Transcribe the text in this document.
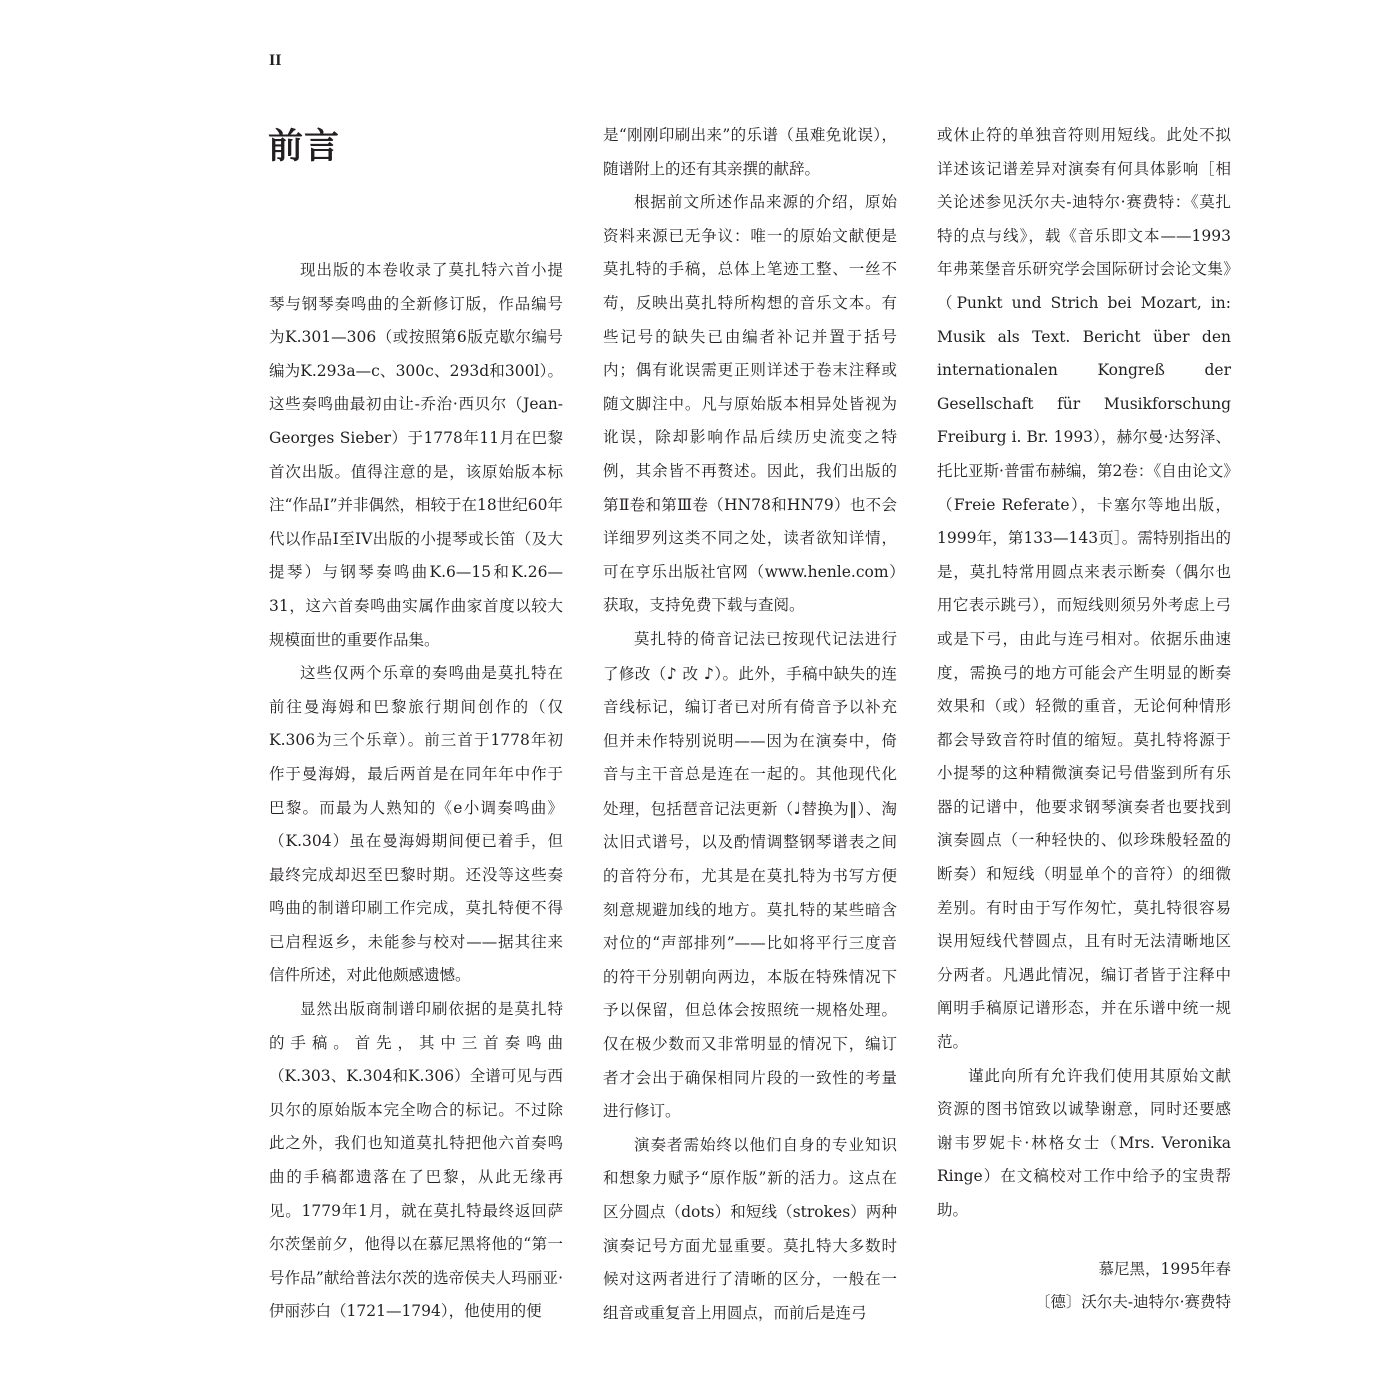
II
前言

现出版的本卷收录了莫扎特六首小提琴与钢琴奏鸣曲的全新修订版，作品编号为K.301—306（或按照第6版克歇尔编号编为K.293a—c、300c、293d和300l）。这些奏鸣曲最初由让-乔治·西贝尔（Jean-Georges Sieber）于1778年11月在巴黎首次出版。值得注意的是，该原始版本标注“作品I”并非偶然，相较于在18世纪60年代以作品I至IV出版的小提琴或长笛（及大提琴）与钢琴奏鸣曲K.6—15和K.26—31，这六首奏鸣曲实属作曲家首度以较大规模面世的重要作品集。

这些仅两个乐章的奏鸣曲是莫扎特在前往曼海姆和巴黎旅行期间创作的（仅K.306为三个乐章）。前三首于1778年初作于曼海姆，最后两首是在同年年中作于巴黎。而最为人熟知的《e小调奏鸣曲》（K.304）虽在曼海姆期间便已着手，但最终完成却迟至巴黎时期。还没等这些奏鸣曲的制谱印刷工作完成，莫扎特便不得已启程返乡，未能参与校对——据其往来信件所述，对此他颇感遗憾。

显然出版商制谱印刷依据的是莫扎特的手稿。首先，其中三首奏鸣曲（K.303、K.304和K.306）全谱可见与西贝尔的原始版本完全吻合的标记。不过除此之外，我们也知道莫扎特把他六首奏鸣曲的手稿都遗落在了巴黎，从此无缘再见。1779年1月，就在莫扎特最终返回萨尔茨堡前夕，他得以在慕尼黑将他的“第一号作品”献给普法尔茨的选帝侯夫人玛丽亚·伊丽莎白（1721—1794），他使用的便

是“刚刚印刷出来”的乐谱（虽难免讹误），随谱附上的还有其亲撰的献辞。

根据前文所述作品来源的介绍，原始资料来源已无争议：唯一的原始文献便是莫扎特的手稿，总体上笔迹工整、一丝不苟，反映出莫扎特所构想的音乐文本。有些记号的缺失已由编者补记并置于括号内；偶有讹误需更正则详述于卷末注释或随文脚注中。凡与原始版本相异处皆视为讹误，除却影响作品后续历史流变之特例，其余皆不再赘述。因此，我们出版的第Ⅱ卷和第Ⅲ卷（HN78和HN79）也不会详细罗列这类不同之处，读者欲知详情，可在亨乐出版社官网（www.henle.com）获取，支持免费下载与查阅。

莫扎特的倚音记法已按现代记法进行了修改（♪ 改 ♪）。此外，手稿中缺失的连音线标记，编订者已对所有倚音予以补充但并未作特别说明——因为在演奏中，倚音与主干音总是连在一起的。其他现代化处理，包括琶音记法更新（♩替换为‖）、淘汰旧式谱号，以及酌情调整钢琴谱表之间的音符分布，尤其是在莫扎特为书写方便刻意规避加线的地方。莫扎特的某些暗含对位的“声部排列”——比如将平行三度音的符干分别朝向两边，本版在特殊情况下予以保留，但总体会按照统一规格处理。仅在极少数而又非常明显的情况下，编订者才会出于确保相同片段的一致性的考量进行修订。

演奏者需始终以他们自身的专业知识和想象力赋予“原作版”新的活力。这点在区分圆点（dots）和短线（strokes）两种演奏记号方面尤显重要。莫扎特大多数时候对这两者进行了清晰的区分，一般在一组音或重复音上用圆点，而前后是连弓

或休止符的单独音符则用短线。此处不拟详述该记谱差异对演奏有何具体影响［相关论述参见沃尔夫-迪特尔·赛费特：《莫扎特的点与线》，载《音乐即文本——1993年弗莱堡音乐研究学会国际研讨会论文集》（Punkt und Strich bei Mozart, in: Musik als Text. Bericht über den internationalen Kongreß der Gesellschaft für Musikforschung Freiburg i. Br. 1993），赫尔曼·达努泽、托比亚斯·普雷布赫编，第2卷：《自由论文》（Freie Referate），卡塞尔等地出版，1999年，第133—143页］。需特别指出的是，莫扎特常用圆点来表示断奏（偶尔也用它表示跳弓），而短线则须另外考虑上弓或是下弓，由此与连弓相对。依据乐曲速度，需换弓的地方可能会产生明显的断奏效果和（或）轻微的重音，无论何种情形都会导致音符时值的缩短。莫扎特将源于小提琴的这种精微演奏记号借鉴到所有乐器的记谱中，他要求钢琴演奏者也要找到演奏圆点（一种轻快的、似珍珠般轻盈的断奏）和短线（明显单个的音符）的细微差别。有时由于写作匆忙，莫扎特很容易误用短线代替圆点，且有时无法清晰地区分两者。凡遇此情况，编订者皆于注释中阐明手稿原记谱形态，并在乐谱中统一规范。

谨此向所有允许我们使用其原始文献资源的图书馆致以诚挚谢意，同时还要感谢韦罗妮卡·林格女士（Mrs. Veronika Ringe）在文稿校对工作中给予的宝贵帮助。

慕尼黑，1995年春

〔德〕沃尔夫-迪特尔·赛费特
